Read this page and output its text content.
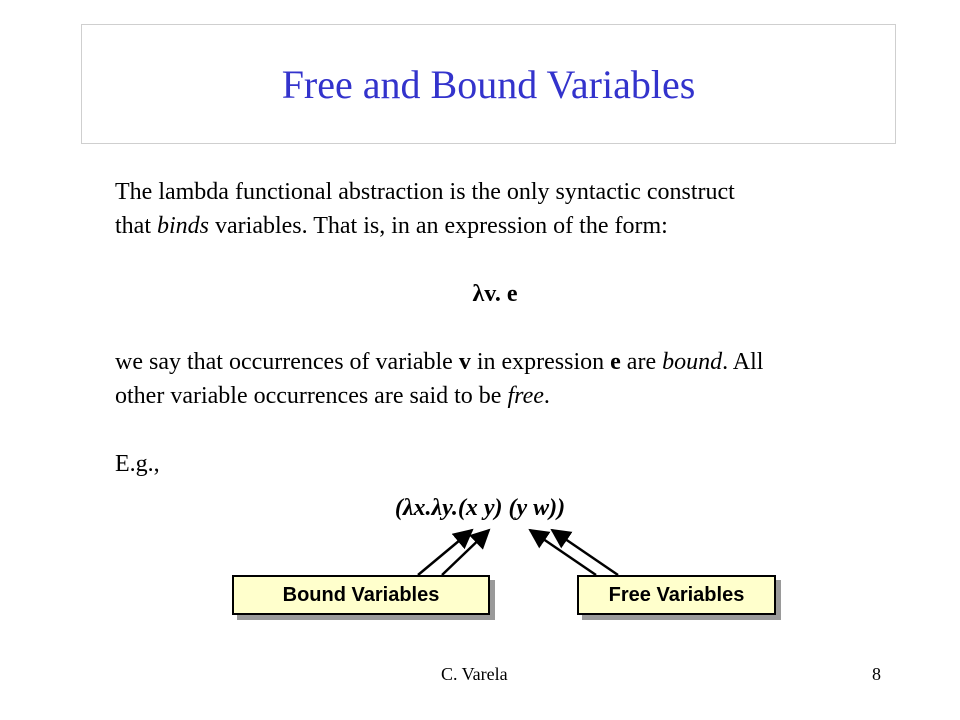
Free and Bound Variables

The lambda functional abstraction is the only syntactic construct
that binds variables. That is, in an expression of the form:

λv. e

we say that occurrences of variable v in expression e are bound. All
other variable occurrences are said to be free.

E.g.,

(λx.λy.(x y) (y w))
Bound Variables	Free Variables
C. Varela	8
